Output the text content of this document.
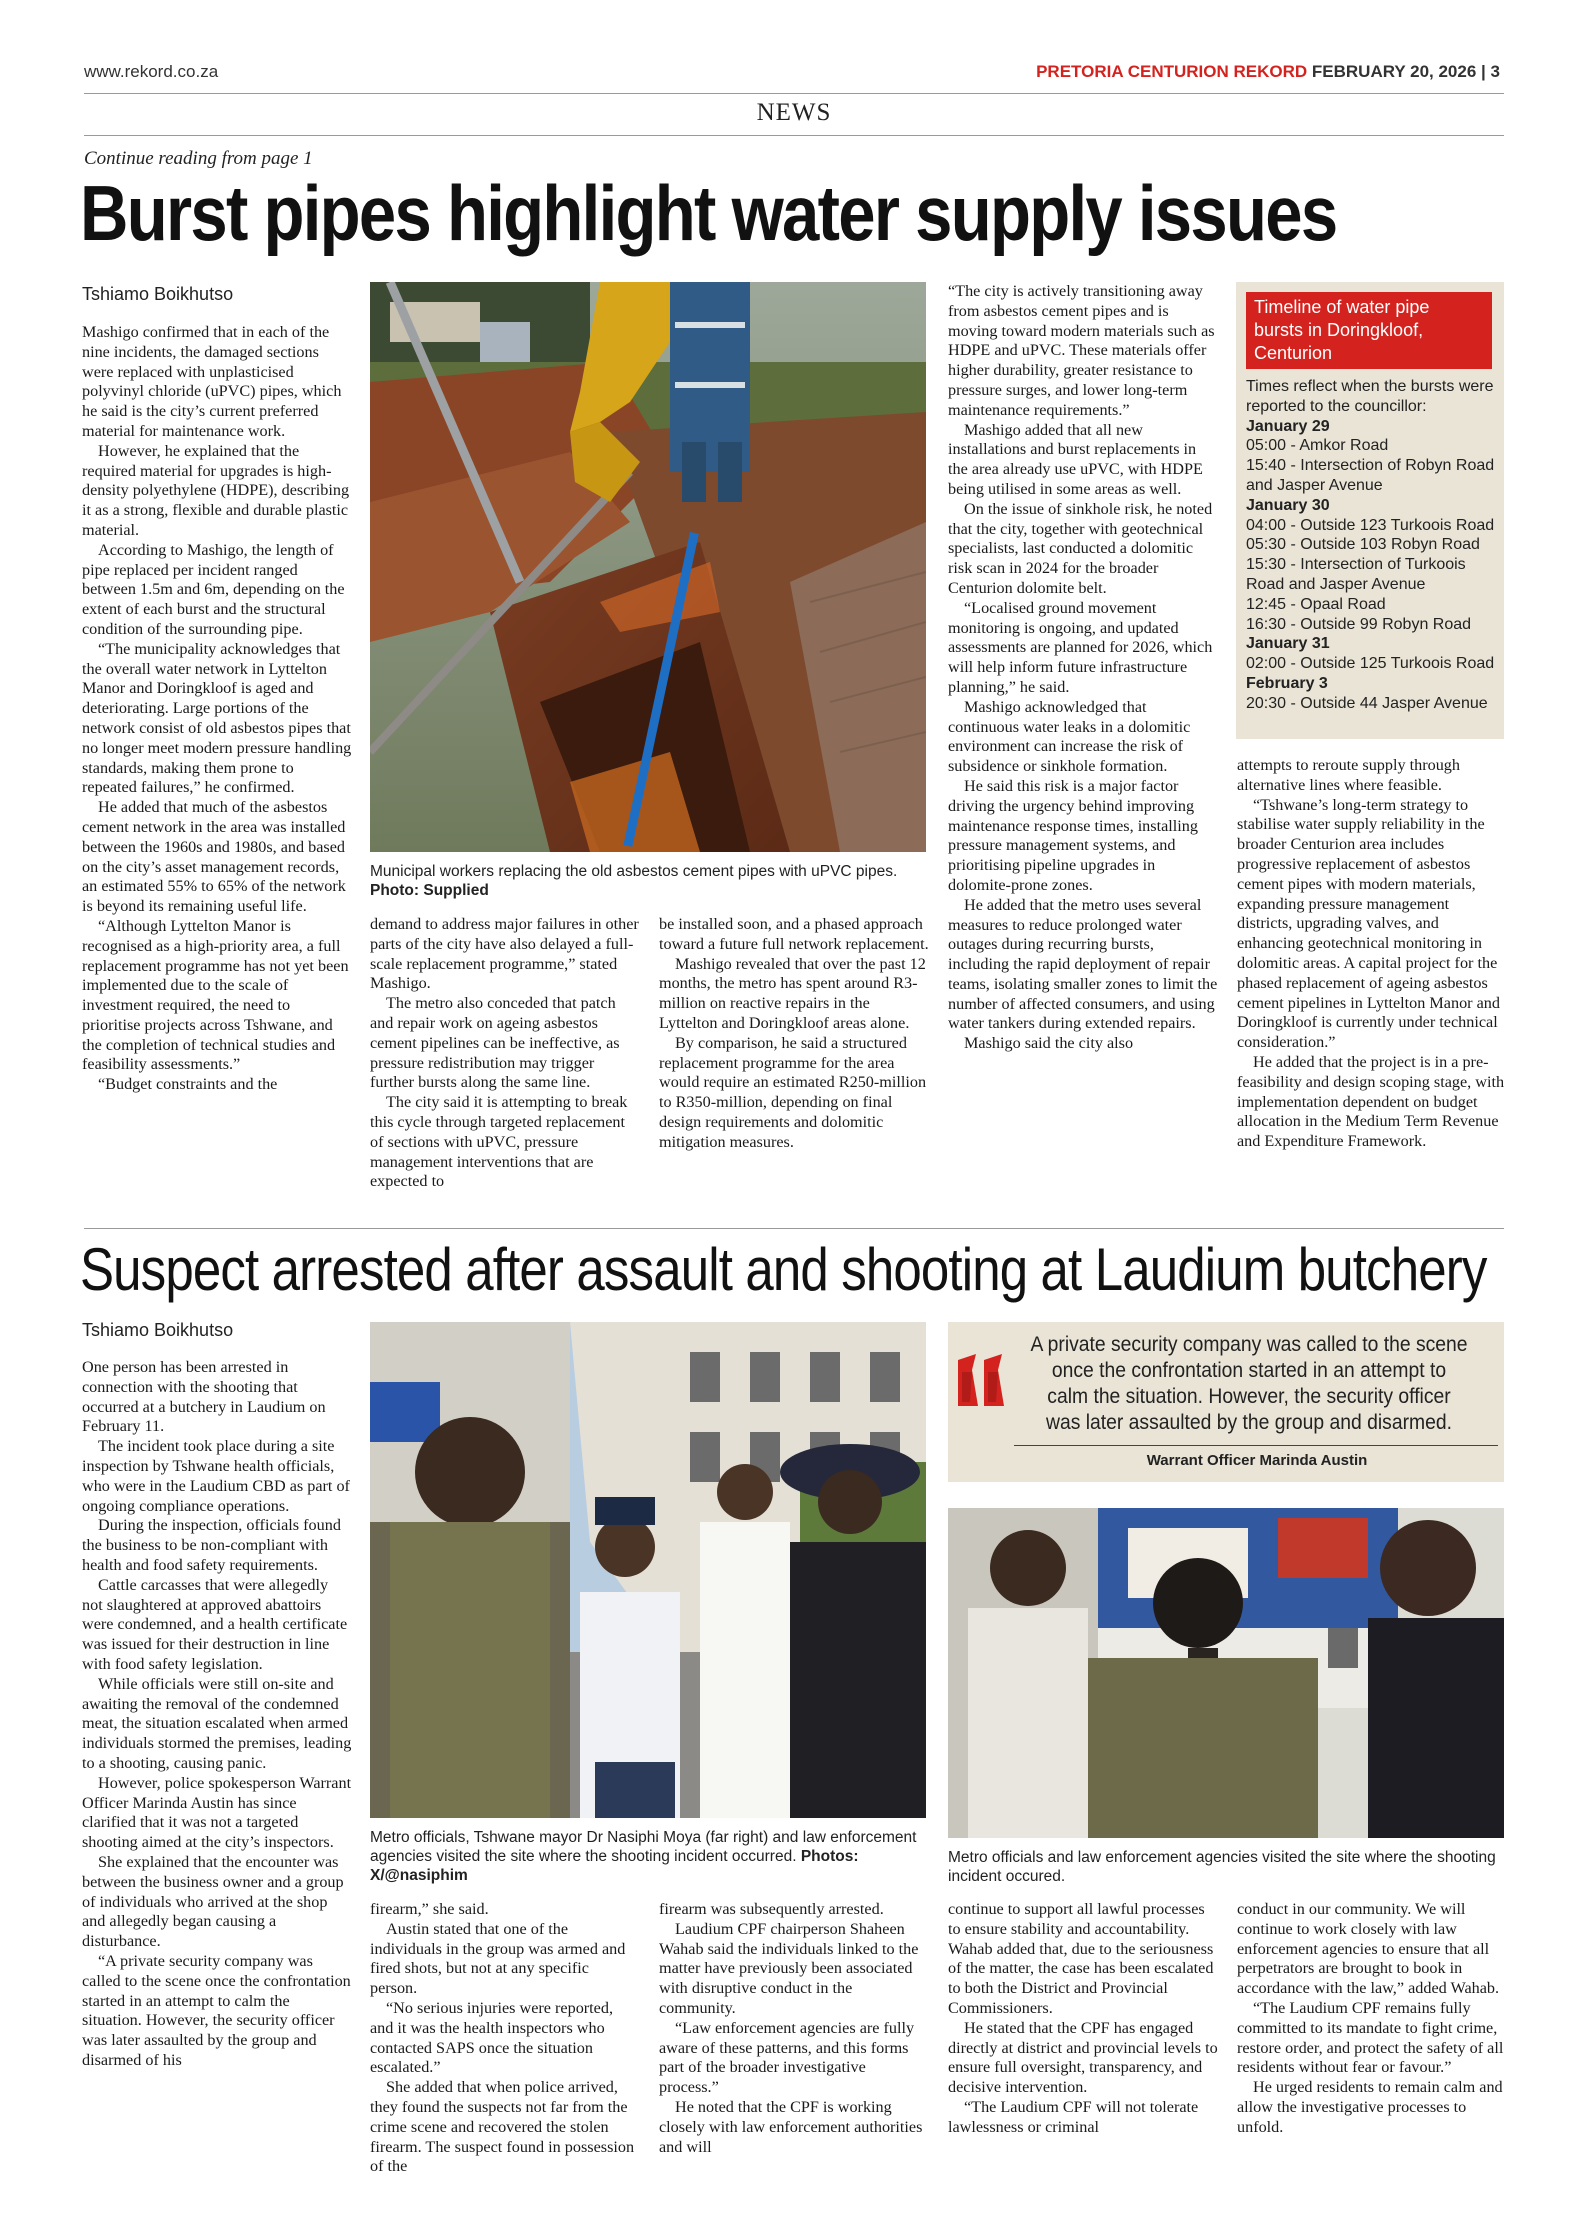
www.rekord.co.za	PRETORIA CENTURION REKORD FEBRUARY 20, 2026 | 3
NEWS
Continue reading from page 1
Burst pipes highlight water supply issues
Tshiamo Boikhutso

Mashigo confirmed that in each of the nine incidents, the damaged sections were replaced with unplasticised polyvinyl chloride (uPVC) pipes, which he said is the city’s current preferred material for maintenance work.

However, he explained that the required material for upgrades is high-density polyethylene (HDPE), describing it as a strong, flexible and durable plastic material.

According to Mashigo, the length of pipe replaced per incident ranged between 1.5m and 6m, depending on the extent of each burst and the structural condition of the surrounding pipe.

“The municipality acknowledges that the overall water network in Lyttelton Manor and Doringkloof is aged and deteriorating. Large portions of the network consist of old asbestos pipes that no longer meet modern pressure handling standards, making them prone to repeated failures,” he confirmed.

He added that much of the asbestos cement network in the area was installed between the 1960s and 1980s, and based on the city’s asset management records, an estimated 55% to 65% of the network is beyond its remaining useful life.

“Although Lyttelton Manor is recognised as a high-priority area, a full replacement programme has not yet been implemented due to the scale of investment required, the need to prioritise projects across Tshwane, and the completion of technical studies and feasibility assessments.”

“Budget constraints and the

demand to address major failures in other parts of the city have also delayed a full-scale replacement programme,” stated Mashigo.

The metro also conceded that patch and repair work on ageing asbestos cement pipelines can be ineffective, as pressure redistribution may trigger further bursts along the same line.

The city said it is attempting to break this cycle through targeted replacement of sections with uPVC, pressure management interventions that are expected to

be installed soon, and a phased approach toward a future full network replacement.

Mashigo revealed that over the past 12 months, the metro has spent around R3-million on reactive repairs in the Lyttelton and Doringkloof areas alone.

By comparison, he said a structured replacement programme for the area would require an estimated R250-million to R350-million, depending on final design requirements and dolomitic mitigation measures.

“The city is actively transitioning away from asbestos cement pipes and is moving toward modern materials such as HDPE and uPVC. These materials offer higher durability, greater resistance to pressure surges, and lower long-term maintenance requirements.”

Mashigo added that all new installations and burst replacements in the area already use uPVC, with HDPE being utilised in some areas as well.

On the issue of sinkhole risk, he noted that the city, together with geotechnical specialists, last conducted a dolomitic risk scan in 2024 for the broader Centurion dolomite belt.

“Localised ground movement monitoring is ongoing, and updated assessments are planned for 2026, which will help inform future infrastructure planning,” he said.

Mashigo acknowledged that continuous water leaks in a dolomitic environment can increase the risk of subsidence or sinkhole formation.

He said this risk is a major factor driving the urgency behind improving maintenance response times, installing pressure management systems, and prioritising pipeline upgrades in dolomite-prone zones.

He added that the metro uses several measures to reduce prolonged water outages during recurring bursts, including the rapid deployment of repair teams, isolating smaller zones to limit the number of affected consumers, and using water tankers during extended repairs.

Mashigo said the city also

attempts to reroute supply through alternative lines where feasible.

“Tshwane’s long-term strategy to stabilise water supply reliability in the broader Centurion area includes progressive replacement of asbestos cement pipes with modern materials, expanding pressure management districts, upgrading valves, and enhancing geotechnical monitoring in dolomitic areas. A capital project for the phased replacement of ageing asbestos cement pipelines in Lyttelton Manor and Doringkloof is currently under technical consideration.”

He added that the project is in a pre-feasibility and design scoping stage, with implementation dependent on budget allocation in the Medium Term Revenue and Expenditure Framework.

Municipal workers replacing the old asbestos cement pipes with uPVC pipes. Photo: Supplied
Timeline of water pipe bursts in Doringkloof, Centurion
Times reflect when the bursts were reported to the councillor:
January 29
05:00 - Amkor Road
15:40 - Intersection of Robyn Road and Jasper Avenue
January 30
04:00 - Outside 123 Turkoois Road
05:30 - Outside 103 Robyn Road
15:30 - Intersection of Turkoois Road and Jasper Avenue
12:45 - Opaal Road
16:30 - Outside 99 Robyn Road
January 31
02:00 - Outside 125 Turkoois Road
February 3
20:30 - Outside 44 Jasper Avenue
Suspect arrested after assault and shooting at Laudium butchery
Tshiamo Boikhutso

One person has been arrested in connection with the shooting that occurred at a butchery in Laudium on February 11.

The incident took place during a site inspection by Tshwane health officials, who were in the Laudium CBD as part of ongoing compliance operations.

During the inspection, officials found the business to be non-compliant with health and food safety requirements.

Cattle carcasses that were allegedly not slaughtered at approved abattoirs were condemned, and a health certificate was issued for their destruction in line with food safety legislation.

While officials were still on-site and awaiting the removal of the condemned meat, the situation escalated when armed individuals stormed the premises, leading to a shooting, causing panic.

However, police spokesperson Warrant Officer Marinda Austin has since clarified that it was not a targeted shooting aimed at the city’s inspectors.

She explained that the encounter was between the business owner and a group of individuals who arrived at the shop and allegedly began causing a disturbance.

“A private security company was called to the scene once the confrontation started in an attempt to calm the situation. However, the security officer was later assaulted by the group and disarmed of his

firearm,” she said.

Austin stated that one of the individuals in the group was armed and fired shots, but not at any specific person.

“No serious injuries were reported, and it was the health inspectors who contacted SAPS once the situation escalated.”

She added that when police arrived, they found the suspects not far from the crime scene and recovered the stolen firearm. The suspect found in possession of the

firearm was subsequently arrested.

Laudium CPF chairperson Shaheen Wahab said the individuals linked to the matter have previously been associated with disruptive conduct in the community.

“Law enforcement agencies are fully aware of these patterns, and this forms part of the broader investigative process.”

He noted that the CPF is working closely with law enforcement authorities and will

continue to support all lawful processes to ensure stability and accountability. Wahab added that, due to the seriousness of the matter, the case has been escalated to both the District and Provincial Commissioners.

He stated that the CPF has engaged directly at district and provincial levels to ensure full oversight, transparency, and decisive intervention.

“The Laudium CPF will not tolerate lawlessness or criminal

conduct in our community. We will continue to work closely with law enforcement agencies to ensure that all perpetrators are brought to book in accordance with the law,” added Wahab.

“The Laudium CPF remains fully committed to its mandate to fight crime, restore order, and protect the safety of all residents without fear or favour.”

He urged residents to remain calm and allow the investigative processes to unfold.

Metro officials, Tshwane mayor Dr Nasiphi Moya (far right) and law enforcement agencies visited the site where the shooting incident occurred. Photos: X/@nasiphim
A private security company was called to the scene once the confrontation started in an attempt to calm the situation. However, the security officer was later assaulted by the group and disarmed.
Warrant Officer Marinda Austin
Metro officials and law enforcement agencies visited the site where the shooting incident occured.
